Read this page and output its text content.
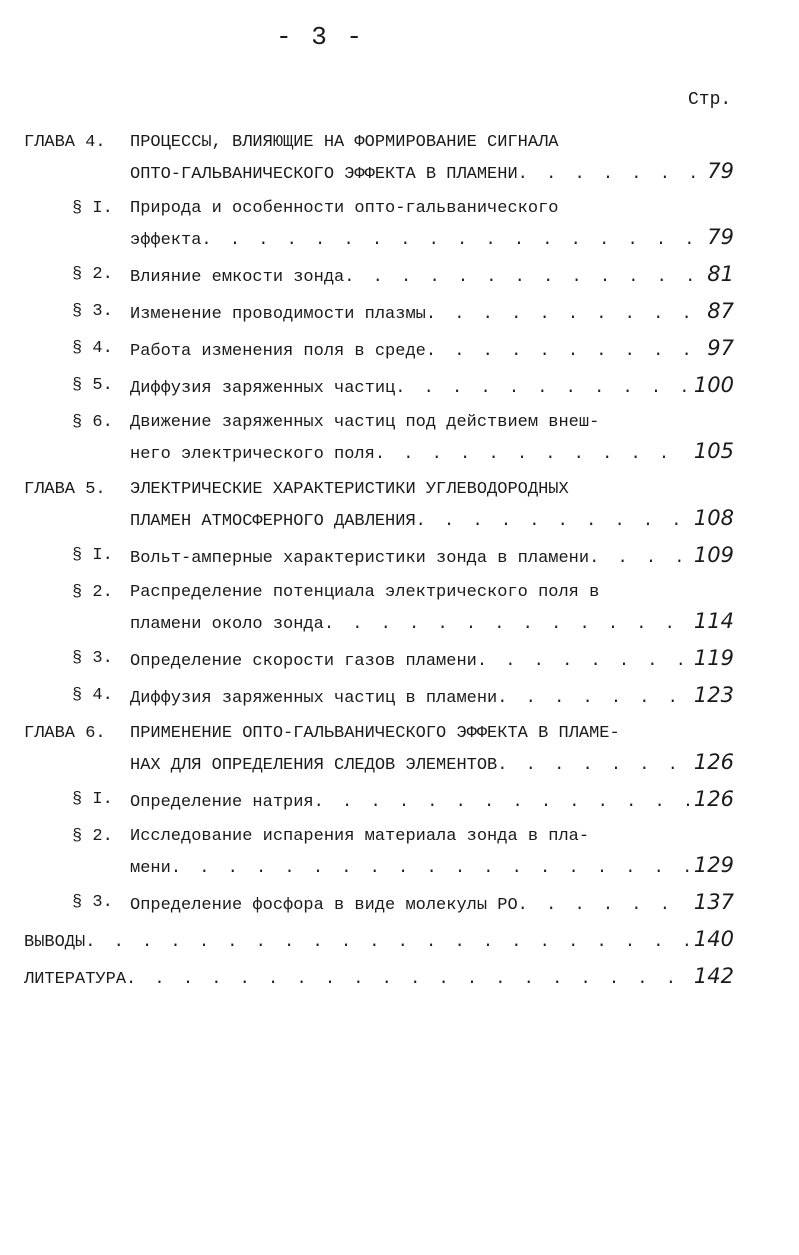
- 3 -
Стр.
ГЛАВА 4. ПРОЦЕССЫ, ВЛИЯЮЩИЕ НА ФОРМИРОВАНИЕ СИГНАЛА
ОПТО-ГАЛЬВАНИЧЕСКОГО ЭФФЕКТА В ПЛАМЕНИ . . .	79
§ I. Природа и особенности опто-гальванического
эффекта . . .	79
§ 2. Влияние емкости зонда . . .	81
§ 3. Изменение проводимости плазмы . . .	87
§ 4. Работа изменения поля в среде . . .	97
§ 5. Диффузия заряженных частиц . . .	100
§ 6. Движение заряженных частиц под действием внеш-
него электрического поля . . .	105
ГЛАВА 5. ЭЛЕКТРИЧЕСКИЕ ХАРАКТЕРИСТИКИ УГЛЕВОДОРОДНЫХ
ПЛАМЕН АТМОСФЕРНОГО ДАВЛЕНИЯ . . .	108
§ I. Вольт-амперные характеристики зонда в пламени . . .	109
§ 2. Распределение потенциала электрического поля в
пламени около зонда . . .	114
§ 3. Определение скорости газов пламени . . .	119
§ 4. Диффузия заряженных частиц в пламени . . .	123
ГЛАВА 6. ПРИМЕНЕНИЕ ОПТО-ГАЛЬВАНИЧЕСКОГО ЭФФЕКТА В ПЛАМЕ-
НАХ ДЛЯ ОПРЕДЕЛЕНИЯ СЛЕДОВ ЭЛЕМЕНТОВ . . .	126
§ I. Определение натрия . . .	126
§ 2. Исследование испарения материала зонда в пла-
мени . . .	129
§ 3. Определение фосфора в виде молекулы РО . . .	137
ВЫВОДЫ . . .	140
ЛИТЕРАТУРА . . .	142
